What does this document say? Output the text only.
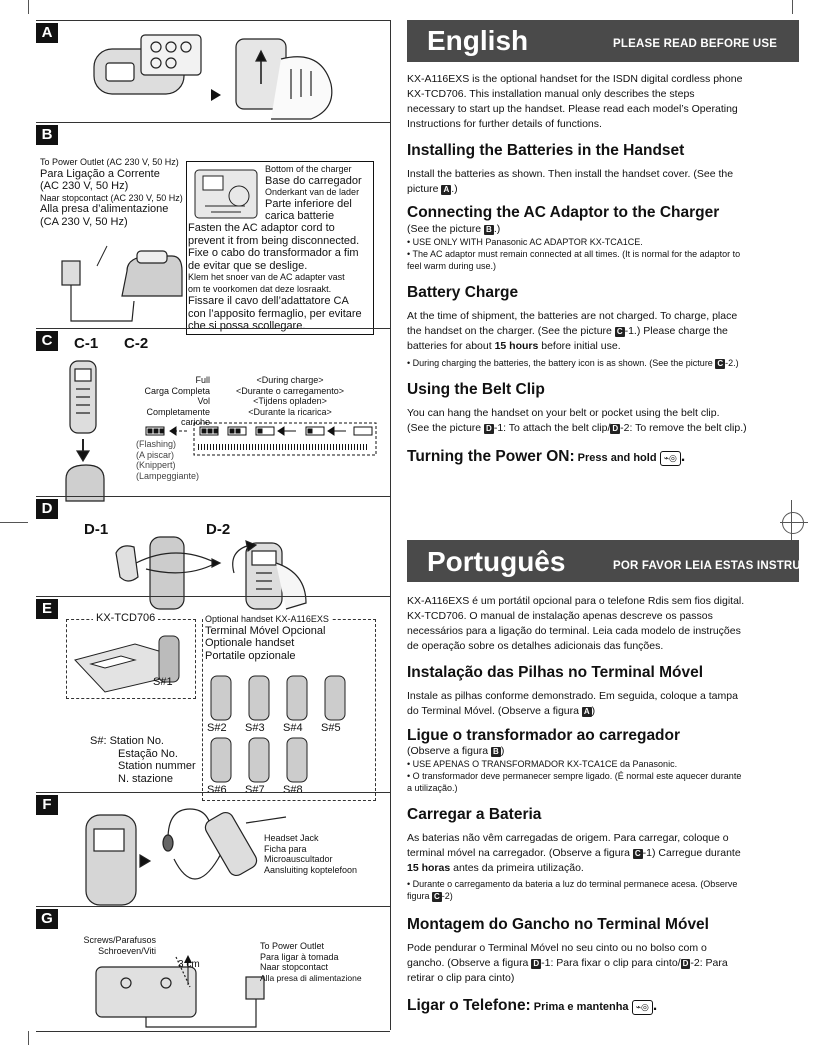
A
B
To Power Outlet (AC 230 V, 50 Hz)
Para Ligação a Corrente
(AC 230 V, 50 Hz)
Naar stopcontact (AC 230 V, 50 Hz)
Alla presa d’alimentazione
(CA 230 V, 50 Hz)
Bottom of the charger
Base do carregador
Onderkant van de lader
Parte inferiore del
carica batterie
Fasten the AC adaptor cord to
prevent it from being disconnected.
Fixe o cabo do transformador a fim
de evitar que se deslige.
Klem het snoer van de AC adapter vast
om te voorkomen dat deze losraakt.
Fissare il cavo dell’adattatore CA
con l’apposito fermaglio, per evitare
che si possa scollegare.
C	C-1 C-2
Full
Carga Completa
Vol
Completamente cariche
<During charge>
<Durante o carregamento>
<Tijdens opladen>
<Durante la ricarica>
(Flashing)
(A piscar)
(Knippert)
(Lampeggiante)
D
D-1	D-2
E
KX-TCD706
S#1
Optional handset KX-A116EXS
Terminal Móvel Opcional
Optionale handset
Portatile opzionale
S#2 S#3 S#4 S#5
S#6 S#7 S#8
S#: Station No.
Estação No.
Station nummer
N. stazione
F
Headset Jack
Ficha para
Microauscultador
Aansluiting koptelefoon
G
Screws/Parafusos
Schroeven/Viti
3 cm
To Power Outlet
Para ligar à tomada
Naar stopcontact
Alla presa di alimentazione
English	PLEASE READ BEFORE USE
KX-A116EXS is the optional handset for the ISDN digital cordless phone KX-TCD706. This installation manual only describes the steps necessary to start up the handset. Please read each model’s Operating Instructions for further details of functions.
Installing the Batteries in the Handset
Install the batteries as shown. Then install the handset cover. (See the picture A .)
Connecting the AC Adaptor to the Charger
(See the picture B .)
• USE ONLY WITH Panasonic AC ADAPTOR KX-TCA1CE.
• The AC adaptor must remain connected at all times. (It is normal for the adaptor to feel warm during use.)
Battery Charge
At the time of shipment, the batteries are not charged. To charge, place the handset on the charger. (See the picture C -1.) Please charge the batteries for about 15 hours before initial use.
• During charging the batteries, the battery icon is as shown. (See the picture C -2.)
Using the Belt Clip
You can hang the handset on your belt or pocket using the belt clip.
(See the picture D -1: To attach the belt clip/ D -2: To remove the belt clip.)
Turning the Power ON: Press and hold ⌁◎ .
Português	POR FAVOR LEIA ESTAS INSTRUÇÕES
KX-A116EXS é um portátil opcional para o telefone Rdis sem fios digital. KX-TCD706. O manual de instalação apenas descreve os passos necessários para a ligação do terminal. Leia cada modelo de instruções de operação sobre os detalhes adicionais das funções.
Instalação das Pilhas no Terminal Móvel
Instale as pilhas conforme demonstrado. Em seguida, coloque a tampa do Terminal Móvel. (Observe a figura A )
Ligue o transformador ao carregador
(Observe a figura B )
• USE APENAS O TRANSFORMADOR KX-TCA1CE da Panasonic.
• O transformador deve permanecer sempre ligado. (É normal este aquecer durante a utilização.)
Carregar a Bateria
As baterias não vêm carregadas de origem. Para carregar, coloque o terminal móvel na carregador. (Observe a figura C -1) Carregue durante 15 horas antes da primeira utilização.
• Durante o carregamento da bateria a luz do terminal permanece acesa. (Observe figura C -2)
Montagem do Gancho no Terminal Móvel
Pode pendurar o Terminal Móvel no seu cinto ou no bolso com o gancho. (Observe a figura D -1: Para fixar o clip para cinto/ D -2: Para retirar o clip para cinto)
Ligar o Telefone: Prima e mantenha ⌁◎ .
